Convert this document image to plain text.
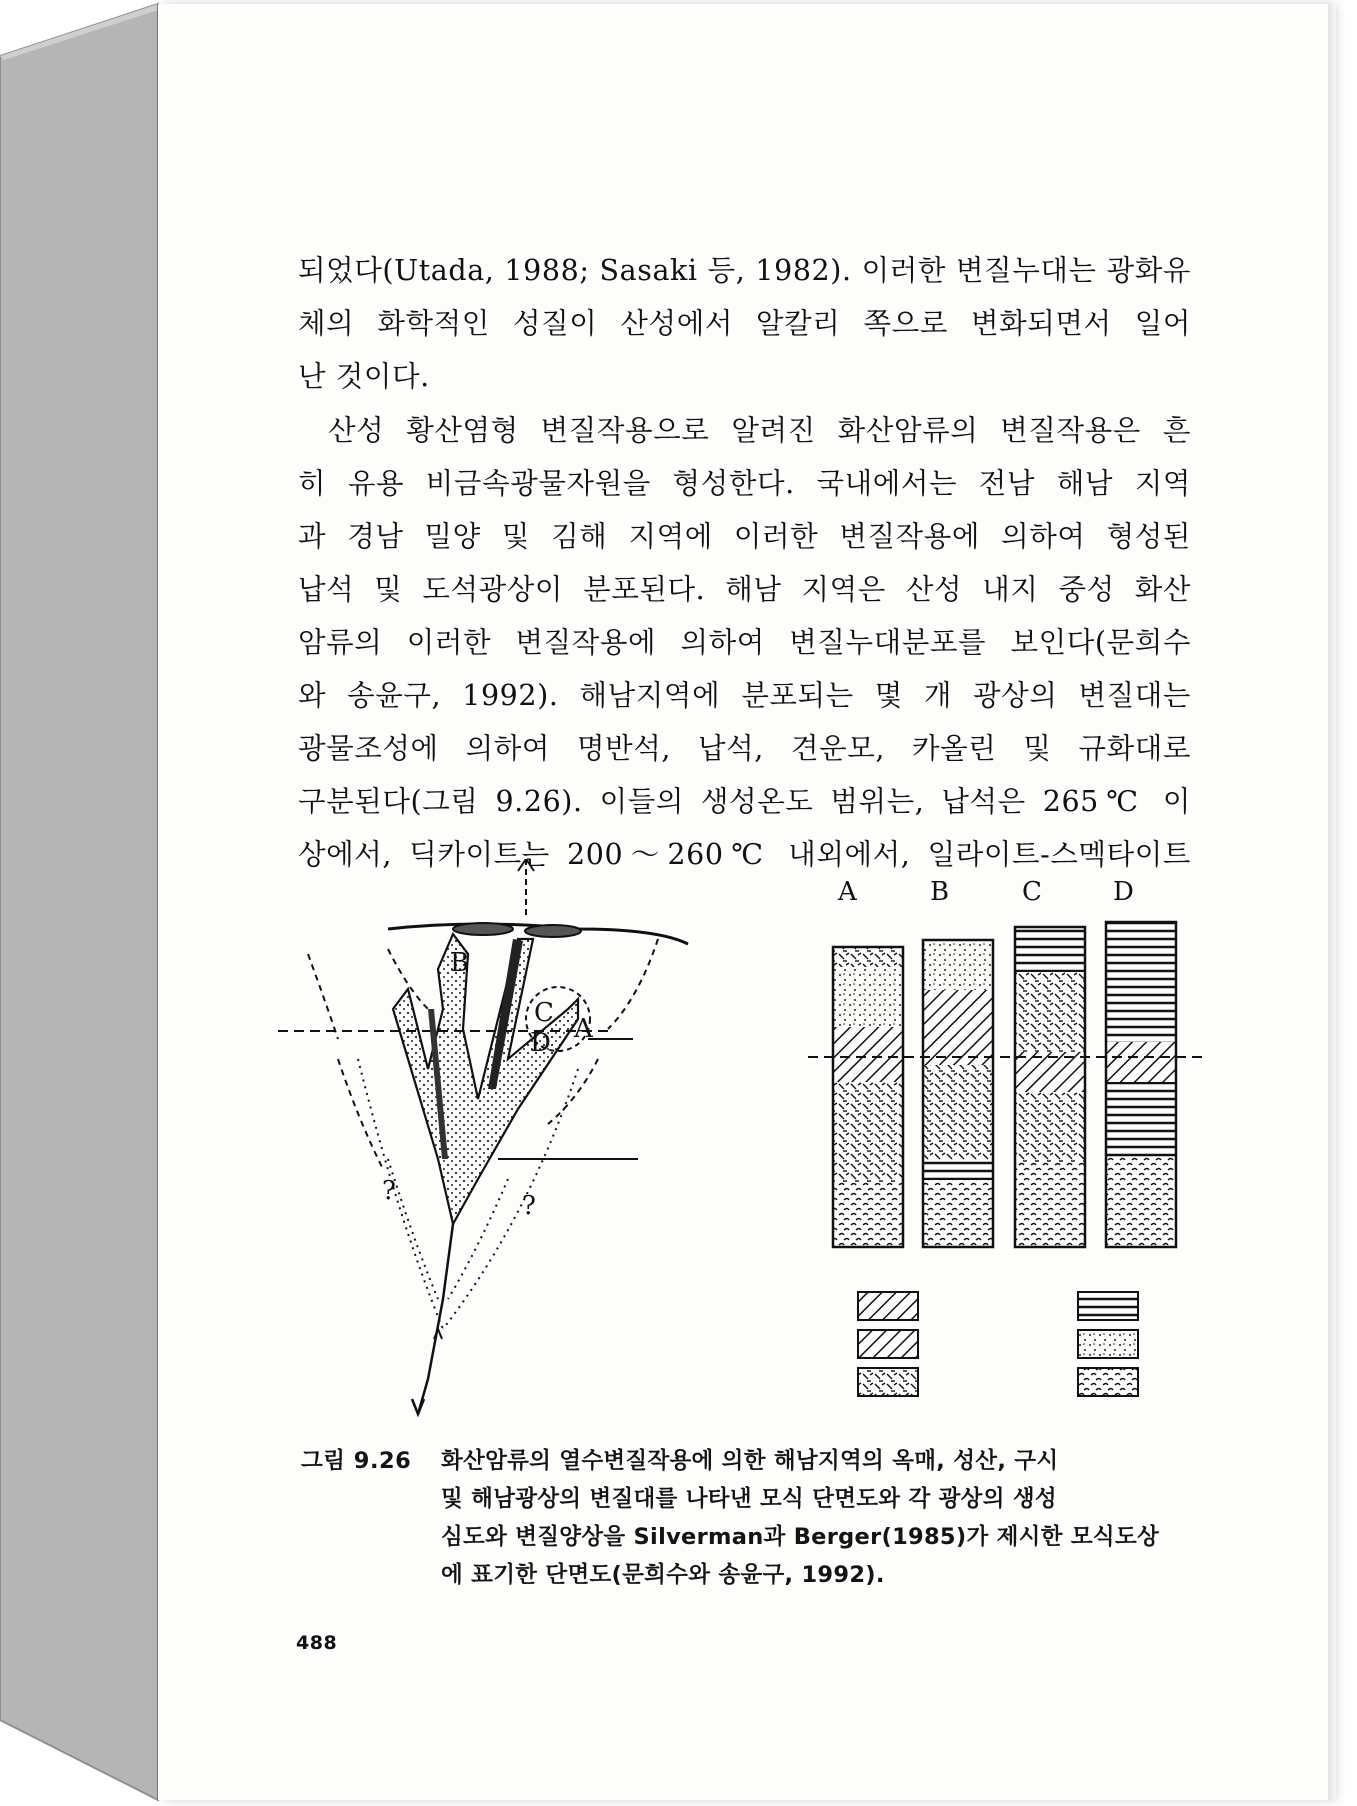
되었다(Utada, 1988; Sasaki 등, 1982). 이러한 변질누대는 광화유
체의 화학적인 성질이 산성에서 알칼리 쪽으로 변화되면서 일어
난 것이다.
산성 황산염형 변질작용으로 알려진 화산암류의 변질작용은 흔
히 유용 비금속광물자원을 형성한다. 국내에서는 전남 해남 지역
과 경남 밀양 및 김해 지역에 이러한 변질작용에 의하여 형성된
납석 및 도석광상이 분포된다. 해남 지역은 산성 내지 중성 화산
암류의 이러한 변질작용에 의하여 변질누대분포를 보인다(문희수
와 송윤구, 1992). 해남지역에 분포되는 몇 개 광상의 변질대는
광물조성에 의하여 명반석, 납석, 견운모, 카올린 및 규화대로
구분된다(그림 9.26). 이들의 생성온도 범위는, 납석은 265℃ 이
상에서, 딕카이트는 200～260℃ 내외에서, 일라이트-스멕타이트
B
C
D A
?	?
A	B	C	D
그림 9.26 화산암류의 열수변질작용에 의한 해남지역의 옥매, 성산, 구시
및 해남광상의 변질대를 나타낸 모식 단면도와 각 광상의 생성
심도와 변질양상을 Silverman과 Berger(1985)가 제시한 모식도상
에 표기한 단면도(문희수와 송윤구, 1992).
488
